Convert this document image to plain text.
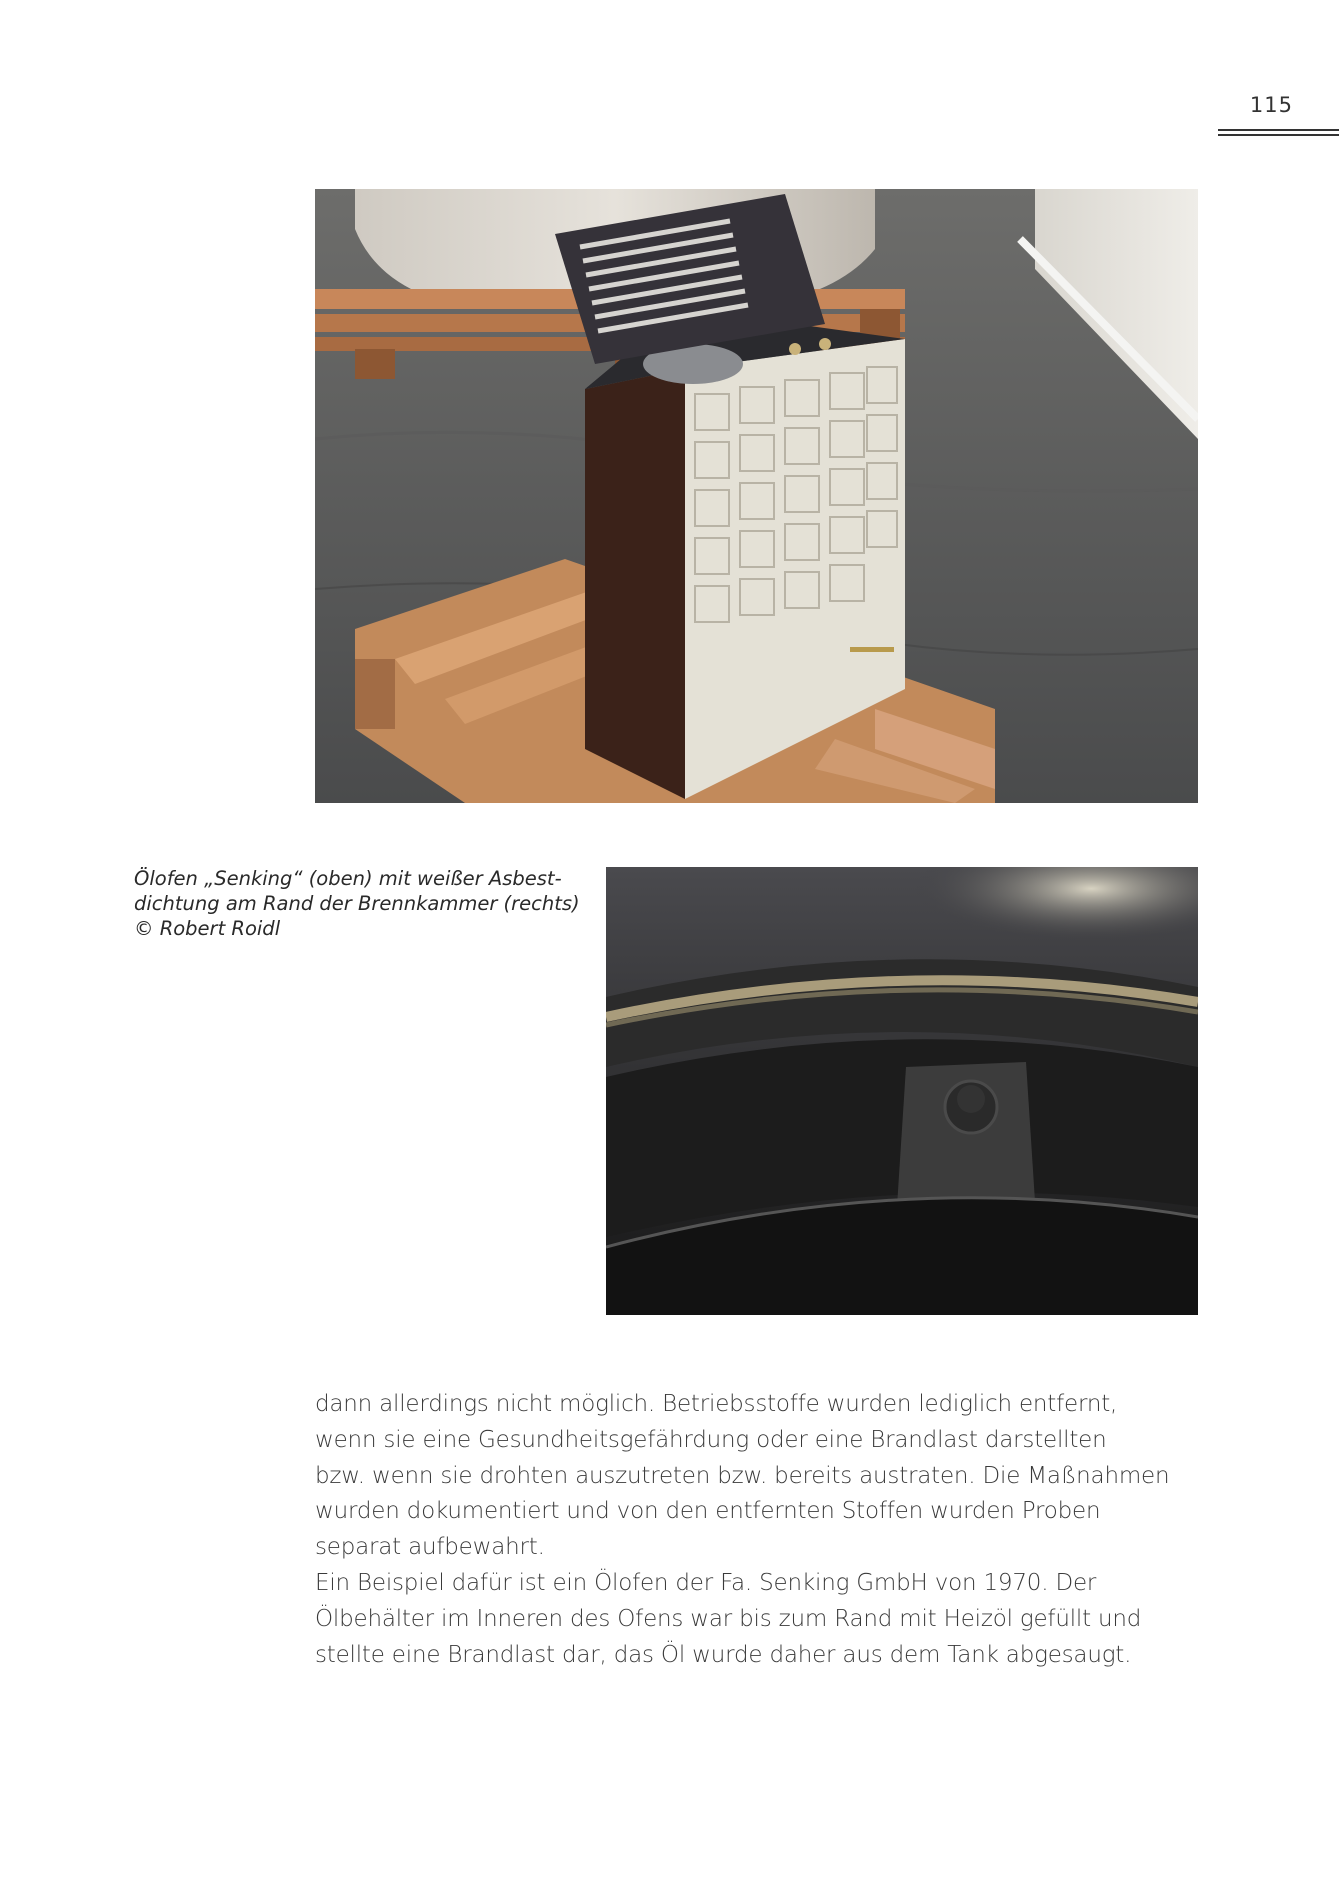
115
Ölofen „Senking“ (oben) mit weißer Asbest-
dichtung am Rand der Brennkammer (rechts)
© Robert Roidl
dann allerdings nicht möglich. Betriebsstoffe wurden lediglich entfernt,
wenn sie eine Gesundheitsgefährdung oder eine Brandlast darstellten
bzw. wenn sie drohten auszutreten bzw. bereits austraten. Die Maßnahmen
wurden dokumentiert und von den entfernten Stoffen wurden Proben
separat aufbewahrt.
Ein Beispiel dafür ist ein Ölofen der Fa. Senking GmbH von 1970. Der
Ölbehälter im Inneren des Ofens war bis zum Rand mit Heizöl gefüllt und
stellte eine Brandlast dar, das Öl wurde daher aus dem Tank abgesaugt.
